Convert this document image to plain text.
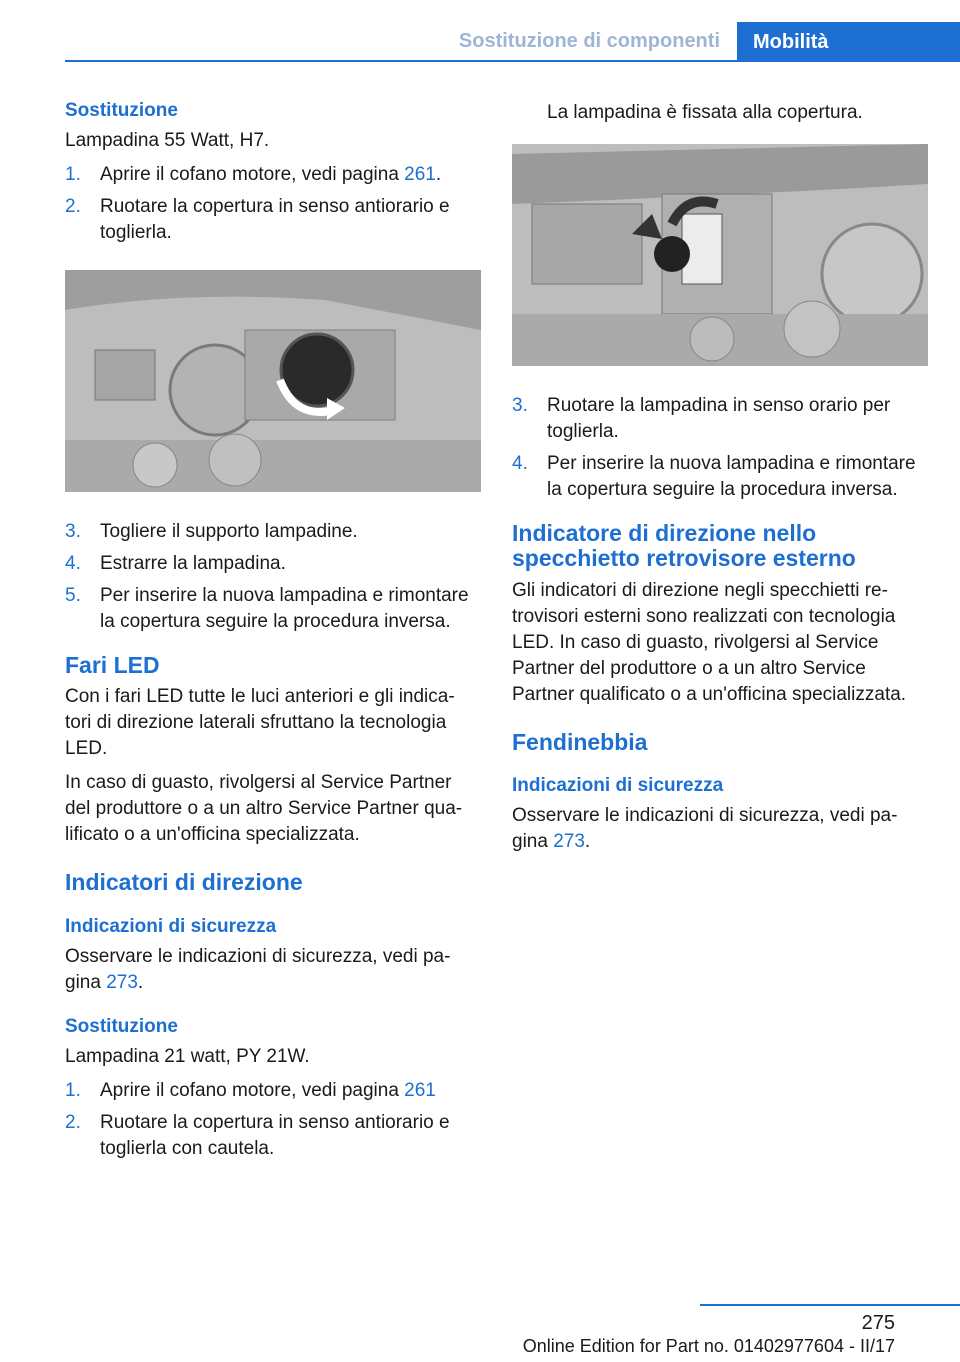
Sostituzione di componenti	Mobilità
Sostituzione

Lampadina 55 Watt, H7.

1. Aprire il cofano motore, vedi pagina 261.
2. Ruotare la copertura in senso antiorario e toglierla.
3. Togliere il supporto lampadine.
4. Estrarre la lampadina.
5. Per inserire la nuova lampadina e rimontare la copertura seguire la procedura inversa.
Fari LED

Con i fari LED tutte le luci anteriori e gli indica-tori di direzione laterali sfruttano la tecnologia LED.

In caso di guasto, rivolgersi al Service Partner del produttore o a un altro Service Partner qua-lificato o a un'officina specializzata.

Indicatori di direzione
Indicazioni di sicurezza

Osservare le indicazioni di sicurezza, vedi pa-gina 273.

Sostituzione

Lampadina 21 watt, PY 21W.

1. Aprire il cofano motore, vedi pagina 261
2. Ruotare la copertura in senso antiorario e toglierla con cautela.

La lampadina è fissata alla copertura.

3. Ruotare la lampadina in senso orario per toglierla.
4. Per inserire la nuova lampadina e rimontare la copertura seguire la procedura inversa.
Indicatore di direzione nello specchietto retrovisore esterno

Gli indicatori di direzione negli specchietti re-trovisori esterni sono realizzati con tecnologia LED. In caso di guasto, rivolgersi al Service Partner del produttore o a un altro Service Partner qualificato o a un'officina specializzata.

Fendinebbia
Indicazioni di sicurezza

Osservare le indicazioni di sicurezza, vedi pa-gina 273.

275
Online Edition for Part no. 01402977604 - II/17
